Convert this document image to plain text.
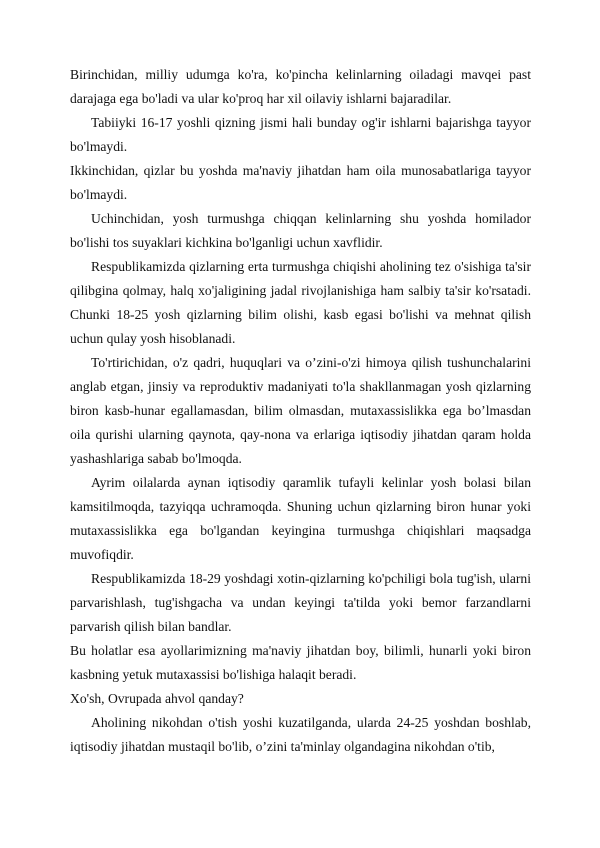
Birinchidan, milliy udumga ko'ra, ko'pincha kelinlarning oiladagi mavqei past darajaga ega bo'ladi va ular ko'proq har xil oilaviy ishlarni bajaradilar.

Tabiiyki 16-17 yoshli qizning jismi hali bunday og'ir ishlarni bajarishga tayyor bo'lmaydi.

Ikkinchidan, qizlar bu yoshda ma'naviy jihatdan ham oila munosabatlariga tayyor bo'lmaydi.

Uchinchidan, yosh turmushga chiqqan kelinlarning shu yoshda homilador bo'lishi tos suyaklari kichkina bo'lganligi uchun xavflidir.

Respublikamizda qizlarning erta turmushga chiqishi aholining tez o'sishiga ta'sir qilibgina qolmay, halq xo'jaligining jadal rivojlanishiga ham salbiy ta'sir ko'rsatadi. Chunki 18-25 yosh qizlarning bilim olishi, kasb egasi bo'lishi va mehnat qilish uchun qulay yosh hisoblanadi.

To'rtirichidan, o'z qadri, huquqlari va o’zini-o'zi himoya qilish tushunchalarini anglab etgan, jinsiy va reproduktiv madaniyati to'la shakllanmagan yosh qizlarning biron kasb-hunar egallamasdan, bilim olmasdan, mutaxassislikka ega bo’lmasdan oila qurishi ularning qaynota, qay-nona va erlariga iqtisodiy jihatdan qaram holda yashashlariga sabab bo'lmoqda.

Ayrim oilalarda aynan iqtisodiy qaramlik tufayli kelinlar yosh bolasi bilan kamsitilmoqda, tazyiqqa uchramoqda. Shuning uchun qizlarning biron hunar yoki mutaxassislikka ega bo'lgandan keyingina turmushga chiqishlari maqsadga muvofiqdir.

Respublikamizda 18-29 yoshdagi xotin-qizlarning ko'pchiligi bola tug'ish, ularni parvarishlash, tug'ishgacha va undan keyingi ta'tilda yoki bemor farzandlarni parvarish qilish bilan bandlar.

Bu holatlar esa ayollarimizning ma'naviy jihatdan boy, bilimli, hunarli yoki biron kasbning yetuk mutaxassisi bo'lishiga halaqit beradi.

Xo'sh, Ovrupada ahvol qanday?

Aholining nikohdan o'tish yoshi kuzatilganda, ularda 24-25 yoshdan boshlab, iqtisodiy jihatdan mustaqil bo'lib, o’zini ta'minlay olgandagina nikohdan o'tib,
